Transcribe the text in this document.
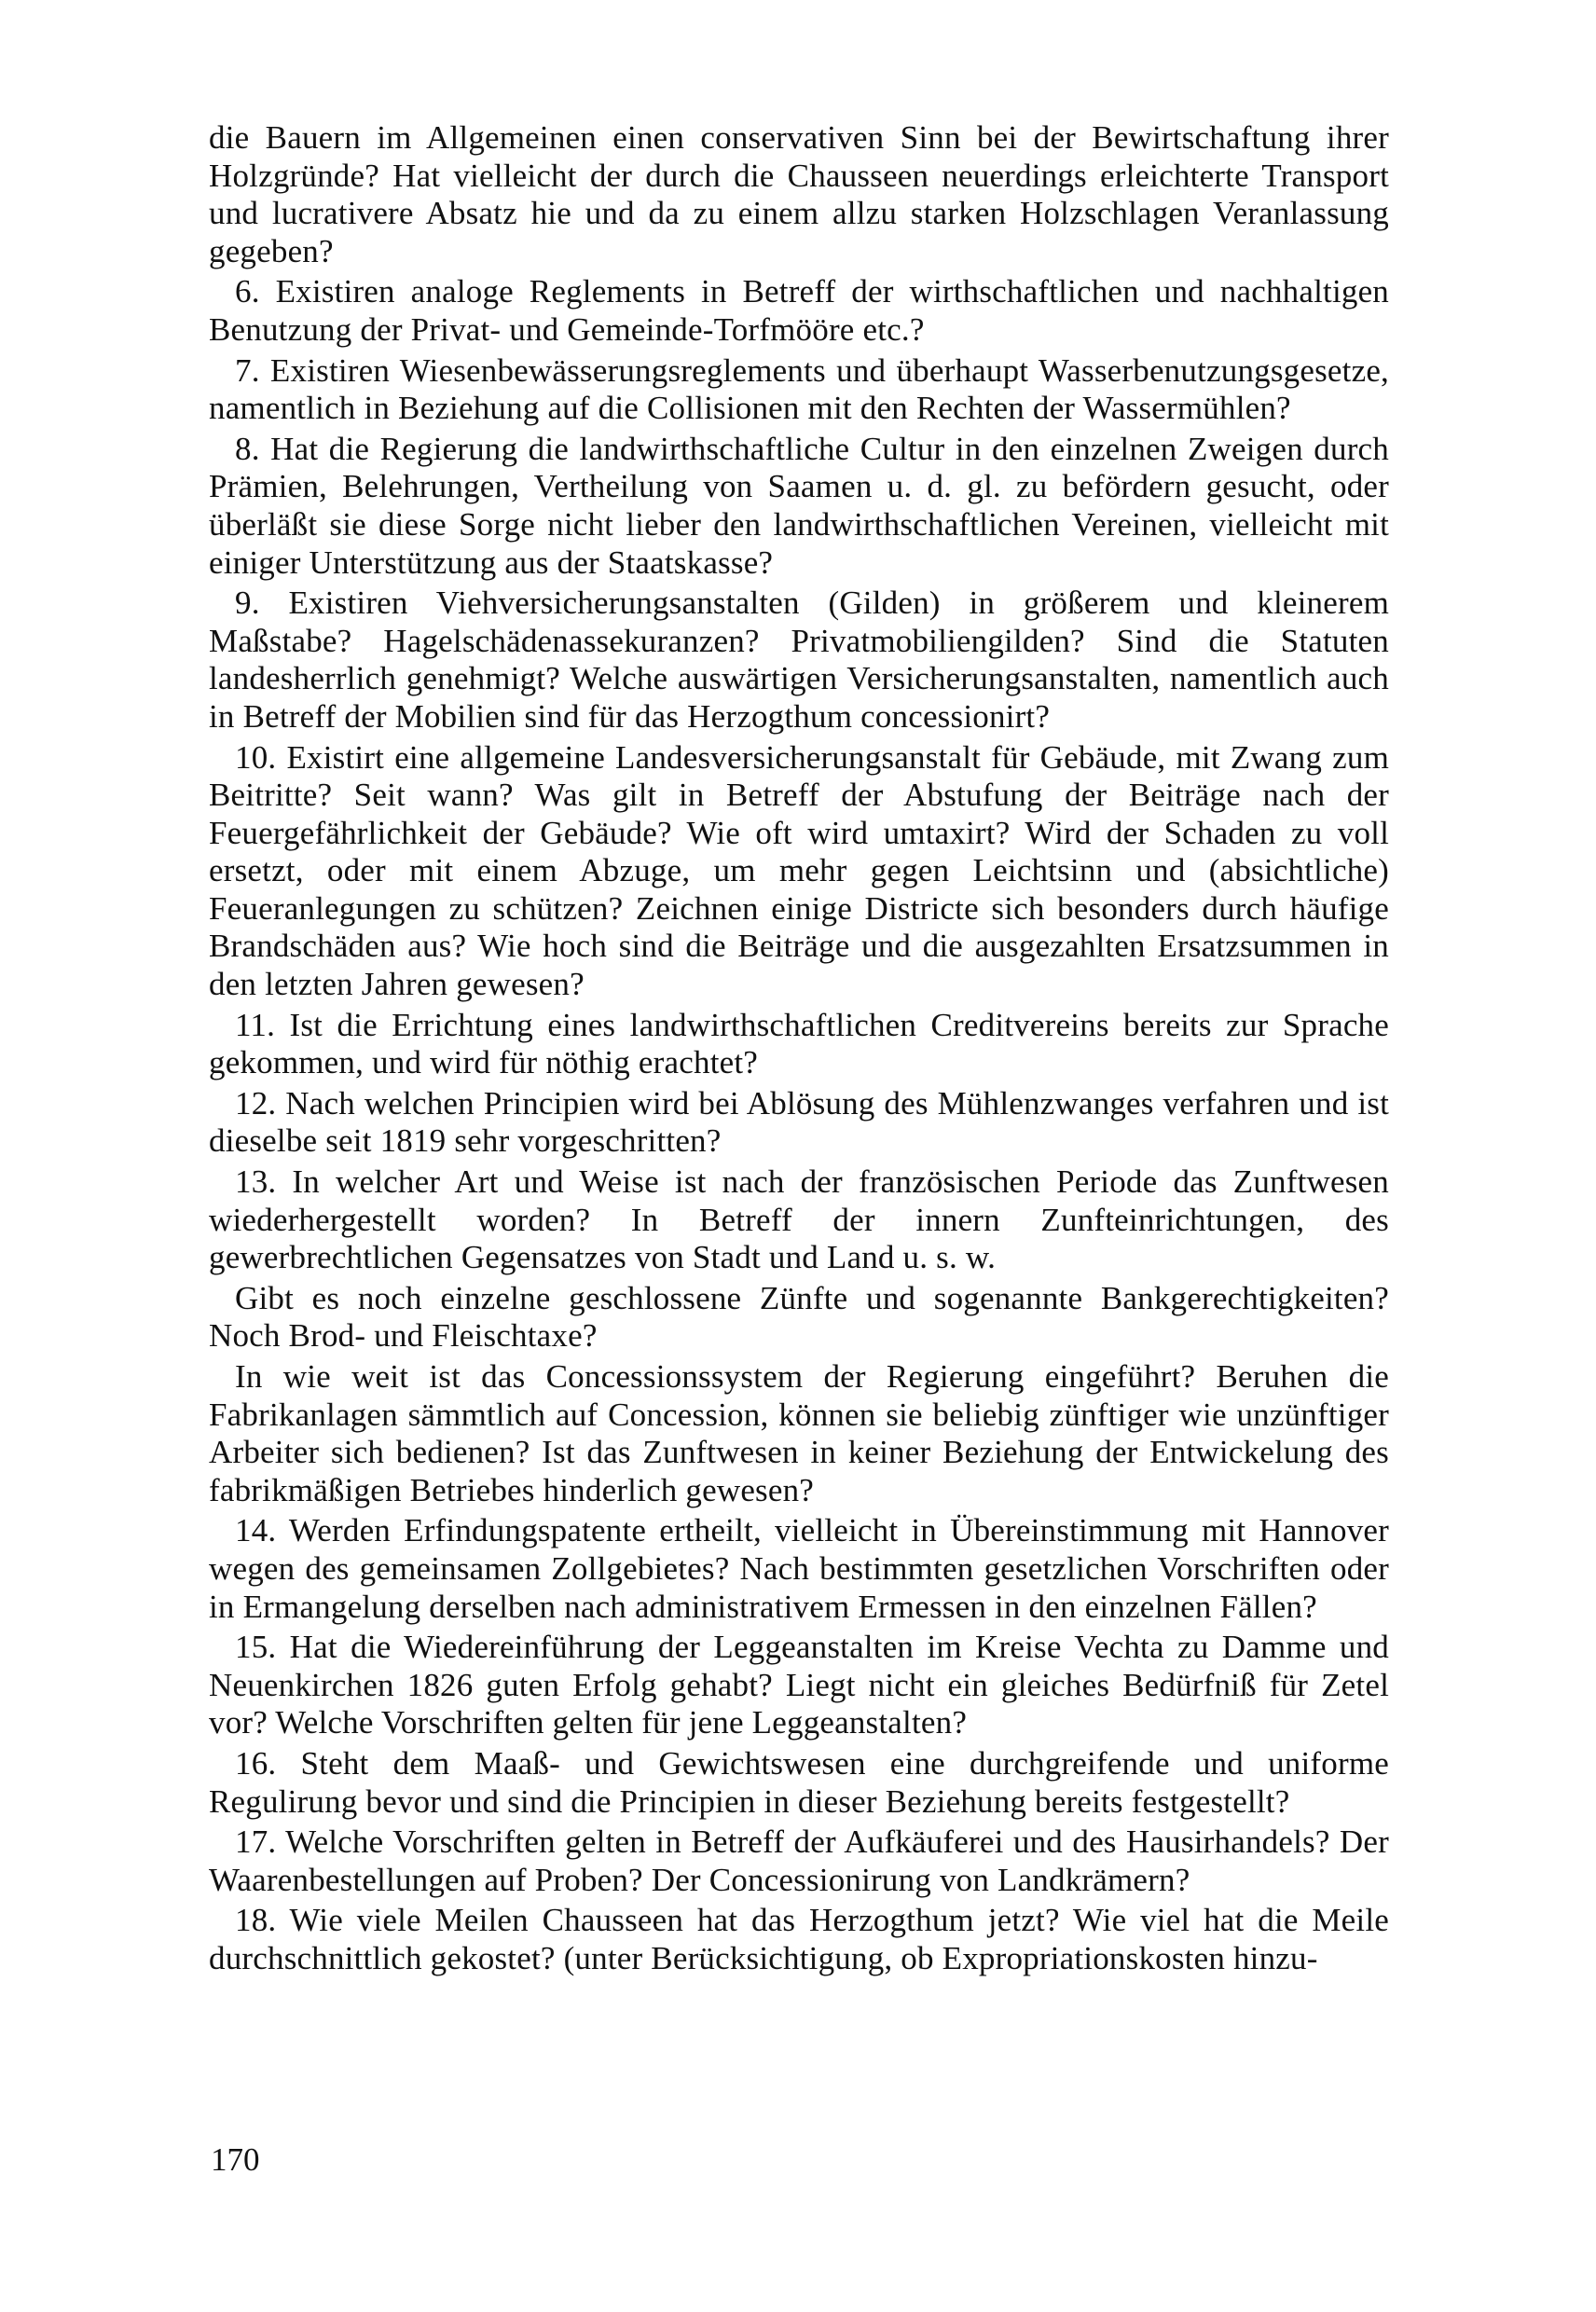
die Bauern im Allgemeinen einen conservativen Sinn bei der Bewirtschaftung ihrer Holzgründe? Hat vielleicht der durch die Chausseen neuerdings erleichterte Transport und lucrativere Absatz hie und da zu einem allzu starken Holzschlagen Veranlassung gegeben?

6. Existiren analoge Reglements in Betreff der wirthschaftlichen und nachhaltigen Benutzung der Privat- und Gemeinde-Torfmööre etc.?

7. Existiren Wiesenbewässerungsreglements und überhaupt Wasserbenutzungsgesetze, namentlich in Beziehung auf die Collisionen mit den Rechten der Wassermühlen?

8. Hat die Regierung die landwirthschaftliche Cultur in den einzelnen Zweigen durch Prämien, Belehrungen, Vertheilung von Saamen u. d. gl. zu befördern gesucht, oder überläßt sie diese Sorge nicht lieber den landwirthschaftlichen Vereinen, vielleicht mit einiger Unterstützung aus der Staatskasse?

9. Existiren Viehversicherungsanstalten (Gilden) in größerem und kleinerem Maßstabe? Hagelschädenassekuranzen? Privatmobiliengilden? Sind die Statuten landesherrlich genehmigt? Welche auswärtigen Versicherungsanstalten, namentlich auch in Betreff der Mobilien sind für das Herzogthum concessionirt?

10. Existirt eine allgemeine Landesversicherungsanstalt für Gebäude, mit Zwang zum Beitritte? Seit wann? Was gilt in Betreff der Abstufung der Beiträge nach der Feuergefährlichkeit der Gebäude? Wie oft wird umtaxirt? Wird der Schaden zu voll ersetzt, oder mit einem Abzuge, um mehr gegen Leichtsinn und (absichtliche) Feueranlegungen zu schützen? Zeichnen einige Districte sich besonders durch häufige Brandschäden aus? Wie hoch sind die Beiträge und die ausgezahlten Ersatzsummen in den letzten Jahren gewesen?

11. Ist die Errichtung eines landwirthschaftlichen Creditvereins bereits zur Sprache gekommen, und wird für nöthig erachtet?

12. Nach welchen Principien wird bei Ablösung des Mühlenzwanges verfahren und ist dieselbe seit 1819 sehr vorgeschritten?

13. In welcher Art und Weise ist nach der französischen Periode das Zunftwesen wiederhergestellt worden? In Betreff der innern Zunfteinrichtungen, des gewerbrechtlichen Gegensatzes von Stadt und Land u. s. w.

Gibt es noch einzelne geschlossene Zünfte und sogenannte Bankgerechtigkeiten? Noch Brod- und Fleischtaxe?

In wie weit ist das Concessionssystem der Regierung eingeführt? Beruhen die Fabrikanlagen sämmtlich auf Concession, können sie beliebig zünftiger wie unzünftiger Arbeiter sich bedienen? Ist das Zunftwesen in keiner Beziehung der Entwickelung des fabrikmäßigen Betriebes hinderlich gewesen?

14. Werden Erfindungspatente ertheilt, vielleicht in Übereinstimmung mit Hannover wegen des gemeinsamen Zollgebietes? Nach bestimmten gesetzlichen Vorschriften oder in Ermangelung derselben nach administrativem Ermessen in den einzelnen Fällen?

15. Hat die Wiedereinführung der Leggeanstalten im Kreise Vechta zu Damme und Neuenkirchen 1826 guten Erfolg gehabt? Liegt nicht ein gleiches Bedürfniß für Zetel vor? Welche Vorschriften gelten für jene Leggeanstalten?

16. Steht dem Maaß- und Gewichtswesen eine durchgreifende und uniforme Regulirung bevor und sind die Principien in dieser Beziehung bereits festgestellt?

17. Welche Vorschriften gelten in Betreff der Aufkäuferei und des Hausirhandels? Der Waarenbestellungen auf Proben? Der Concessionirung von Landkrämern?

18. Wie viele Meilen Chausseen hat das Herzogthum jetzt? Wie viel hat die Meile durchschnittlich gekostet? (unter Berücksichtigung, ob Expropriationskosten hinzu-

170
